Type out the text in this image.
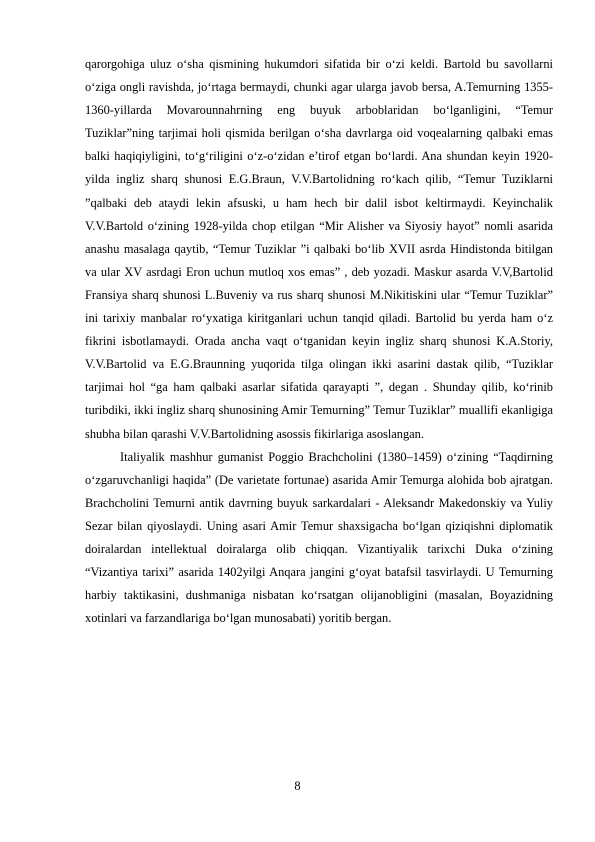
qarorgohiga uluz o‘sha qismining hukumdori sifatida bir o‘zi keldi. Bartold bu savollarni o‘ziga ongli ravishda, jo‘rtaga bermaydi, chunki agar ularga javob bersa, A.Temurning 1355-1360-yillarda Movarounnahrning eng buyuk arboblaridan bo‘lganligini, “Temur Tuziklar”ning tarjimai holi qismida berilgan o‘sha davrlarga oid voqealarning qalbaki emas balki haqiqiyligini, to‘g‘riligini o‘z-o‘zidan e’tirof etgan bo‘lardi. Ana shundan keyin 1920-yilda ingliz sharq shunosi E.G.Braun, V.V.Bartolidning ro‘kach qilib, “Temur Tuziklarni ”qalbaki deb ataydi lekin afsuski, u ham hech bir dalil isbot keltirmaydi. Keyinchalik V.V.Bartold o‘zining 1928-yilda chop etilgan “Mir Alisher va Siyosiy hayot” nomli asarida anashu masalaga qaytib, “Temur Tuziklar ”i qalbaki bo‘lib XVII asrda Hindistonda bitilgan va ular XV asrdagi Eron uchun mutloq xos emas” , deb yozadi. Maskur asarda V.V,Bartolid Fransiya sharq shunosi L.Buveniy va rus sharq shunosi M.Nikitiskini ular “Temur Tuziklar” ini tarixiy manbalar ro‘yxatiga kiritganlari uchun tanqid qiladi. Bartolid bu yerda ham o‘z fikrini isbotlamaydi. Orada ancha vaqt o‘tganidan keyin ingliz sharq shunosi K.A.Storiy, V.V.Bartolid va E.G.Braunning yuqorida tilga olingan ikki asarini dastak qilib, “Tuziklar tarjimai hol “ga ham qalbaki asarlar sifatida qarayapti ”, degan . Shunday qilib, ko‘rinib turibdiki, ikki ingliz sharq shunosining Amir Temurning” Temur Tuziklar” muallifi ekanligiga shubha bilan qarashi V.V.Bartolidning asossis fikirlariga asoslangan.

Italiyalik mashhur gumanist Poggio Brachcholini (1380–1459) o‘zining “Taqdirning o‘zgaruvchanligi haqida” (De varietate fortunae) asarida Amir Temurga alohida bob ajratgan. Brachcholini Temurni antik davrning buyuk sarkardalari - Aleksandr Makedonskiy va Yuliy Sezar bilan qiyoslaydi. Uning asari Amir Temur shaxsigacha bo‘lgan qiziqishni diplomatik doiralardan intellektual doiralarga olib chiqqan. Vizantiyalik tarixchi Duka o‘zining “Vizantiya tarixi” asarida 1402yilgi Anqara jangini g‘oyat batafsil tasvirlaydi. U Temurning harbiy taktikasini, dushmaniga nisbatan ko‘rsatgan olijanobligini (masalan, Boyazidning xotinlari va farzandlariga bo‘lgan munosabati) yoritib bergan.

8
